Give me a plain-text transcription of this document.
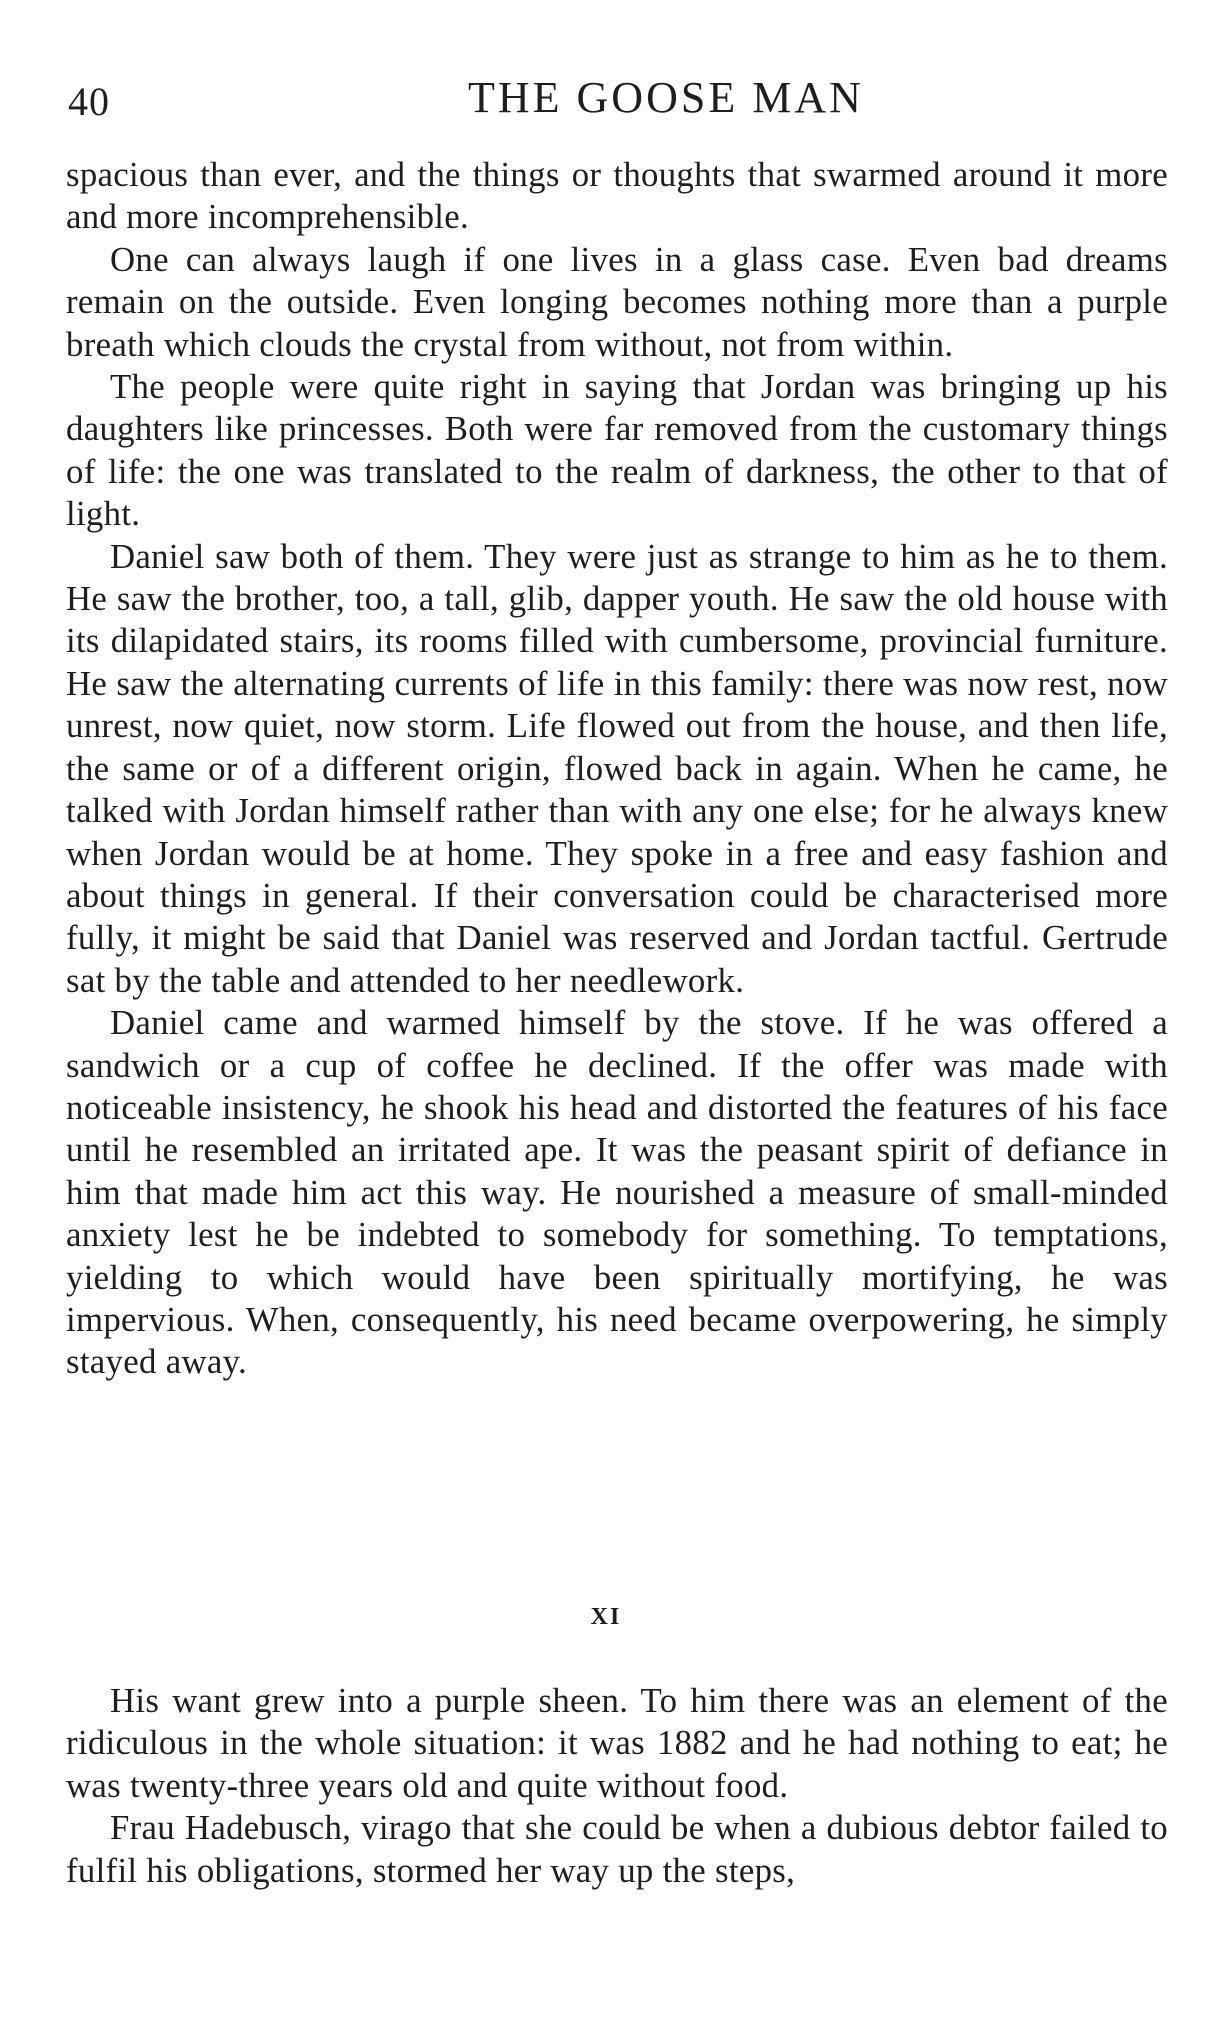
40	THE GOOSE MAN

spacious than ever, and the things or thoughts that swarmed around it more and more incomprehensible.

One can always laugh if one lives in a glass case. Even bad dreams remain on the outside. Even longing becomes nothing more than a purple breath which clouds the crystal from without, not from within.

The people were quite right in saying that Jordan was bringing up his daughters like princesses. Both were far removed from the customary things of life: the one was translated to the realm of darkness, the other to that of light.

Daniel saw both of them. They were just as strange to him as he to them. He saw the brother, too, a tall, glib, dapper youth. He saw the old house with its dilapidated stairs, its rooms filled with cumbersome, provincial furniture. He saw the alternating currents of life in this family: there was now rest, now unrest, now quiet, now storm. Life flowed out from the house, and then life, the same or of a different origin, flowed back in again. When he came, he talked with Jordan himself rather than with any one else; for he always knew when Jordan would be at home. They spoke in a free and easy fashion and about things in general. If their conversation could be characterised more fully, it might be said that Daniel was reserved and Jordan tactful. Gertrude sat by the table and attended to her needlework.

Daniel came and warmed himself by the stove. If he was offered a sandwich or a cup of coffee he declined. If the offer was made with noticeable insistency, he shook his head and distorted the features of his face until he resembled an irritated ape. It was the peasant spirit of defiance in him that made him act this way. He nourished a measure of small-minded anxiety lest he be indebted to somebody for something. To temptations, yielding to which would have been spiritually mortifying, he was impervious. When, consequently, his need became overpowering, he simply stayed away.

XI

His want grew into a purple sheen. To him there was an element of the ridiculous in the whole situation: it was 1882 and he had nothing to eat; he was twenty-three years old and quite without food.

Frau Hadebusch, virago that she could be when a dubious debtor failed to fulfil his obligations, stormed her way up the steps,
